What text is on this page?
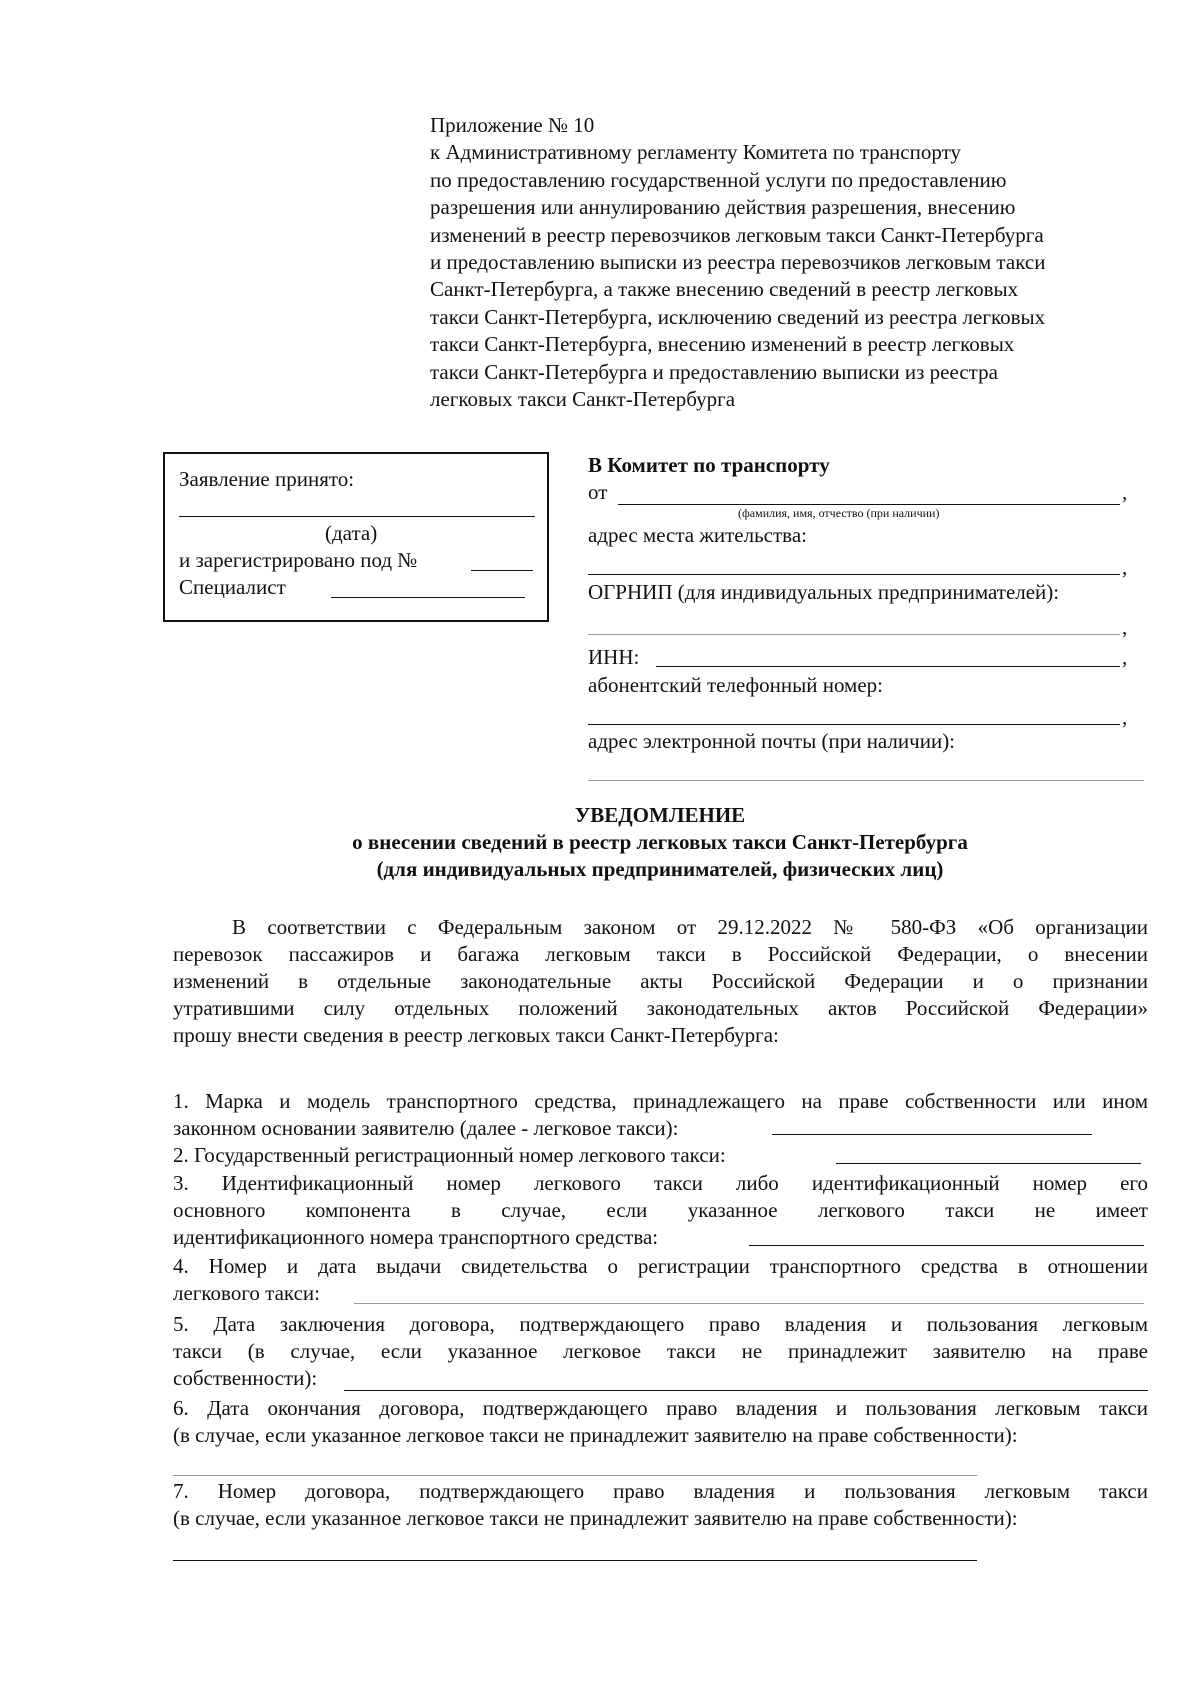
Приложение № 10
к Административному регламенту Комитета по транспорту
по предоставлению государственной услуги по предоставлению
разрешения или аннулированию действия разрешения, внесению
изменений в реестр перевозчиков легковым такси Санкт-Петербурга
и предоставлению выписки из реестра перевозчиков легковым такси
Санкт-Петербурга, а также внесению сведений в реестр легковых
такси Санкт-Петербурга, исключению сведений из реестра легковых
такси Санкт-Петербурга, внесению изменений в реестр легковых
такси Санкт-Петербурга и предоставлению выписки из реестра
легковых такси Санкт-Петербурга
Заявление принято:
(дата)
и зарегистрировано под №
Специалист
В Комитет по транспорту
от	,
(фамилия, имя, отчество (при наличии)
адрес места жительства:
,
ОГРНИП (для индивидуальных предпринимателей):
,
ИНН:	,
абонентский телефонный номер:
,
адрес электронной почты (при наличии):
УВЕДОМЛЕНИЕ
о внесении сведений в реестр легковых такси Санкт-Петербурга
(для индивидуальных предпринимателей, физических лиц)
В соответствии с Федеральным законом от 29.12.2022 № 580-ФЗ «Об организации
перевозок пассажиров и багажа легковым такси в Российской Федерации, о внесении
изменений в отдельные законодательные акты Российской Федерации и о признании
утратившими силу отдельных положений законодательных актов Российской Федерации»
прошу внести сведения в реестр легковых такси Санкт-Петербурга:
1. Марка и модель транспортного средства, принадлежащего на праве собственности или ином
законном основании заявителю (далее - легковое такси):
2. Государственный регистрационный номер легкового такси:
3. Идентификационный номер легкового такси либо идентификационный номер его
основного компонента в случае, если указанное легкового такси не имеет
идентификационного номера транспортного средства:
4. Номер и дата выдачи свидетельства о регистрации транспортного средства в отношении
легкового такси:
5. Дата заключения договора, подтверждающего право владения и пользования легковым
такси (в случае, если указанное легковое такси не принадлежит заявителю на праве
собственности):
6. Дата окончания договора, подтверждающего право владения и пользования легковым такси
(в случае, если указанное легковое такси не принадлежит заявителю на праве собственности):
7. Номер договора, подтверждающего право владения и пользования легковым такси
(в случае, если указанное легковое такси не принадлежит заявителю на праве собственности):
